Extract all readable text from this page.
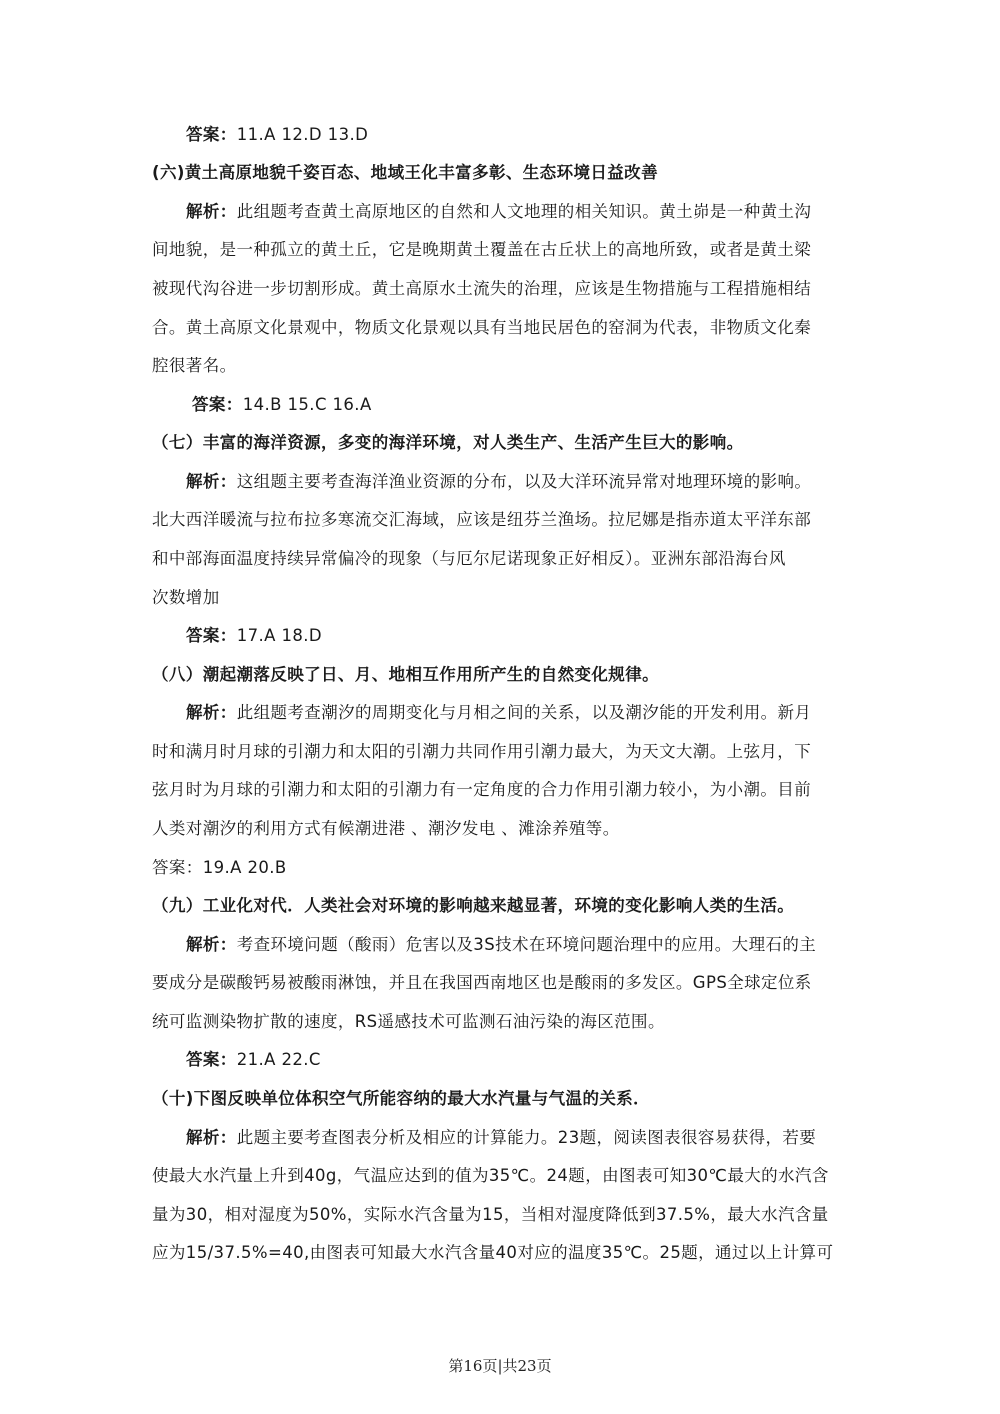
答案：11.A 12.D 13.D
(六)黄土高原地貌千姿百态、地域王化丰富多彰、生态环境日益改善
解析：此组题考查黄土高原地区的自然和人文地理的相关知识。黄土峁是一种黄土沟
间地貌，是一种孤立的黄土丘，它是晚期黄土覆盖在古丘状上的高地所致，或者是黄土梁
被现代沟谷进一步切割形成。黄土高原水土流失的治理，应该是生物措施与工程措施相结
合。黄土高原文化景观中，物质文化景观以具有当地民居色的窑洞为代表，非物质文化秦
腔很著名。
答案：14.B 15.C 16.A
（七）丰富的海洋资源，多变的海洋环境，对人类生产、生活产生巨大的影响。
解析：这组题主要考查海洋渔业资源的分布，以及大洋环流异常对地理环境的影响。
北大西洋暖流与拉布拉多寒流交汇海域，应该是纽芬兰渔场。拉尼娜是指赤道太平洋东部
和中部海面温度持续异常偏冷的现象（与厄尔尼诺现象正好相反）。亚洲东部沿海台风
次数增加
答案：17.A 18.D
（八）潮起潮落反映了日、月、地相互作用所产生的自然变化规律。
解析：此组题考查潮汐的周期变化与月相之间的关系，以及潮汐能的开发利用。新月
时和满月时月球的引潮力和太阳的引潮力共同作用引潮力最大，为天文大潮。上弦月，下
弦月时为月球的引潮力和太阳的引潮力有一定角度的合力作用引潮力较小，为小潮。目前
人类对潮汐的利用方式有候潮进港 、潮汐发电 、滩涂养殖等。
答案：19.A 20.B
（九）工业化对代．人类社会对环境的影响越来越显著，环境的变化影响人类的生活。
解析：考查环境问题（酸雨）危害以及3S技术在环境问题治理中的应用。大理石的主
要成分是碳酸钙易被酸雨淋蚀，并且在我国西南地区也是酸雨的多发区。GPS全球定位系
统可监测染物扩散的速度，RS遥感技术可监测石油污染的海区范围。
答案：21.A 22.C
（十)下图反映单位体积空气所能容纳的最大水汽量与气温的关系．
解析：此题主要考查图表分析及相应的计算能力。23题，阅读图表很容易获得，若要
使最大水汽量上升到40g，气温应达到的值为35℃。24题，由图表可知30℃最大的水汽含
量为30，相对湿度为50%，实际水汽含量为15，当相对湿度降低到37.5%，最大水汽含量
应为15/37.5%=40,由图表可知最大水汽含量40对应的温度35℃。25题，通过以上计算可
第16页|共23页
